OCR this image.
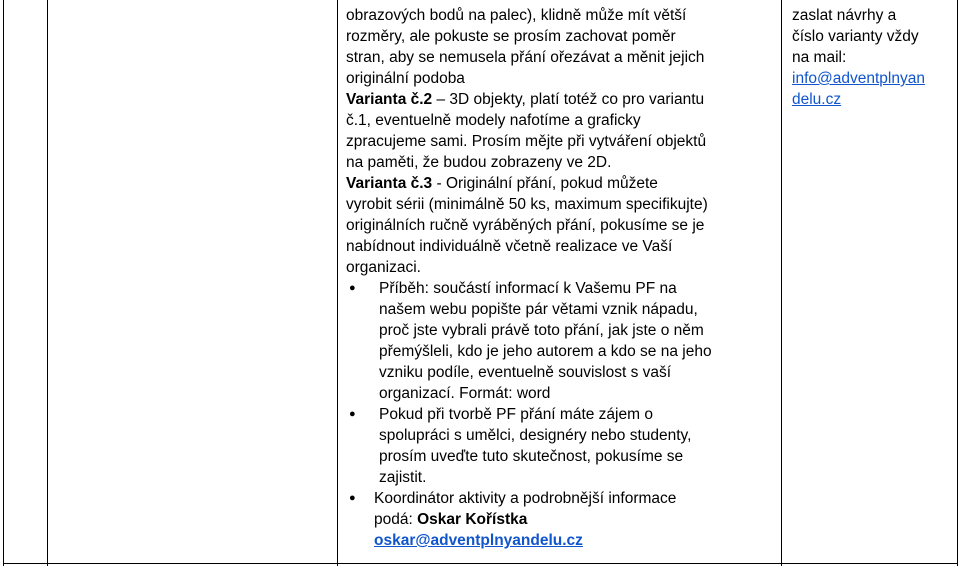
obrazových bodů na palec), klidně může mít větší
rozměry, ale pokuste se prosím zachovat poměr
stran, aby se nemusela přání ořezávat a měnit jejich
originální podoba
Varianta č.2 – 3D objekty, platí totéž co pro variantu
č.1, eventuelně modely nafotíme a graficky
zpracujeme sami. Prosím mějte při vytváření objektů
na paměti, že budou zobrazeny ve 2D.
Varianta č.3 - Originální přání, pokud můžete
vyrobit sérii (minimálně 50 ks, maximum specifikujte)
originálních ručně vyráběných přání, pokusíme se je
nabídnout individuálně včetně realizace ve Vaší
organizaci.
● Příběh: součástí informací k Vašemu PF na
našem webu popište pár větami vznik nápadu,
proč jste vybrali právě toto přání, jak jste o něm
přemýšleli, kdo je jeho autorem a kdo se na jeho
vzniku podíle, eventuelně souvislost s vaší
organizací. Formát: word
● Pokud při tvorbě PF přání máte zájem o
spolupráci s umělci, designéry nebo studenty,
prosím uveďte tuto skutečnost, pokusíme se
zajistit.
● Koordinátor aktivity a podrobnější informace
podá: Oskar Kořístka
oskar@adventplnyandelu.cz
zaslat návrhy a
číslo varianty vždy
na mail:
info@adventplnyan
delu.cz
